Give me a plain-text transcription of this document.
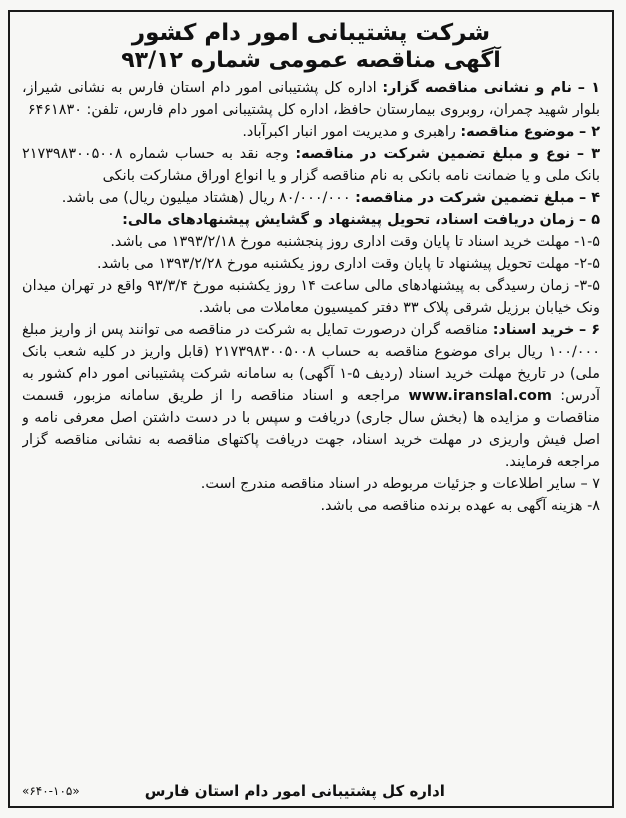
شرکت پشتیبانی امور دام کشور

آگهی مناقصه عمومی شماره ۹۳/۱۲

۱ – نام و نشانی مناقصه گزار: اداره کل پشتیبانی امور دام استان فارس به نشانی شیراز، بلوار شهید چمران، روبروی بیمارستان حافظ، اداره کل پشتیبانی امور دام فارس، تلفن: ۶۴۶۱۸۳۰

۲ – موضوع مناقصه: راهبری و مدیریت امور انبار اکبرآباد.

۳ – نوع و مبلغ تضمین شرکت در مناقصه: وجه نقد به حساب شماره ۲۱۷۳۹۸۳۰۰۵۰۰۸ بانک ملی و یا ضمانت نامه بانکی به نام مناقصه گزار و یا انواع اوراق مشارکت بانکی

۴ – مبلغ تضمین شرکت در مناقصه: ۸۰/۰۰۰/۰۰۰ ریال (هشتاد میلیون ریال) می باشد.

۵ – زمان دریافت اسناد، تحویل پیشنهاد و گشایش پیشنهادهای مالی:

۱-۵- مهلت خرید اسناد تا پایان وقت اداری روز پنجشنبه مورخ ۱۳۹۳/۲/۱۸ می باشد.

۲-۵- مهلت تحویل پیشنهاد تا پایان وقت اداری روز یکشنبه مورخ ۱۳۹۳/۲/۲۸ می باشد.

۳-۵- زمان رسیدگی به پیشنهادهای مالی ساعت ۱۴ روز یکشنبه مورخ ۹۳/۳/۴ واقع در تهران میدان ونک خیابان برزیل شرقی پلاک ۳۳ دفتر کمیسیون معاملات می باشد.

۶ – خرید اسناد: مناقصه گران درصورت تمایل به شرکت در مناقصه می توانند پس از واریز مبلغ ۱۰۰/۰۰۰ ریال برای موضوع مناقصه به حساب ۲۱۷۳۹۸۳۰۰۵۰۰۸ (قابل واریز در کلیه شعب بانک ملی) در تاریخ مهلت خرید اسناد (ردیف ۵-۱ آگهی) به سامانه شرکت پشتیبانی امور دام کشور به آدرس: www.iranslal.com مراجعه و اسناد مناقصه را از طریق سامانه مزبور، قسمت مناقصات و مزایده ها (بخش سال جاری) دریافت و سپس با در دست داشتن اصل معرفی نامه و اصل فیش واریزی در مهلت خرید اسناد، جهت دریافت پاکتهای مناقصه به نشانی مناقصه گزار مراجعه فرمایند.

۷ – سایر اطلاعات و جزئیات مربوطه در اسناد مناقصه مندرج است.

۸- هزینه آگهی به عهده برنده مناقصه می باشد.

اداره کل پشتیبانی امور دام استان فارس
«۶۴۰-۱۰۵»
